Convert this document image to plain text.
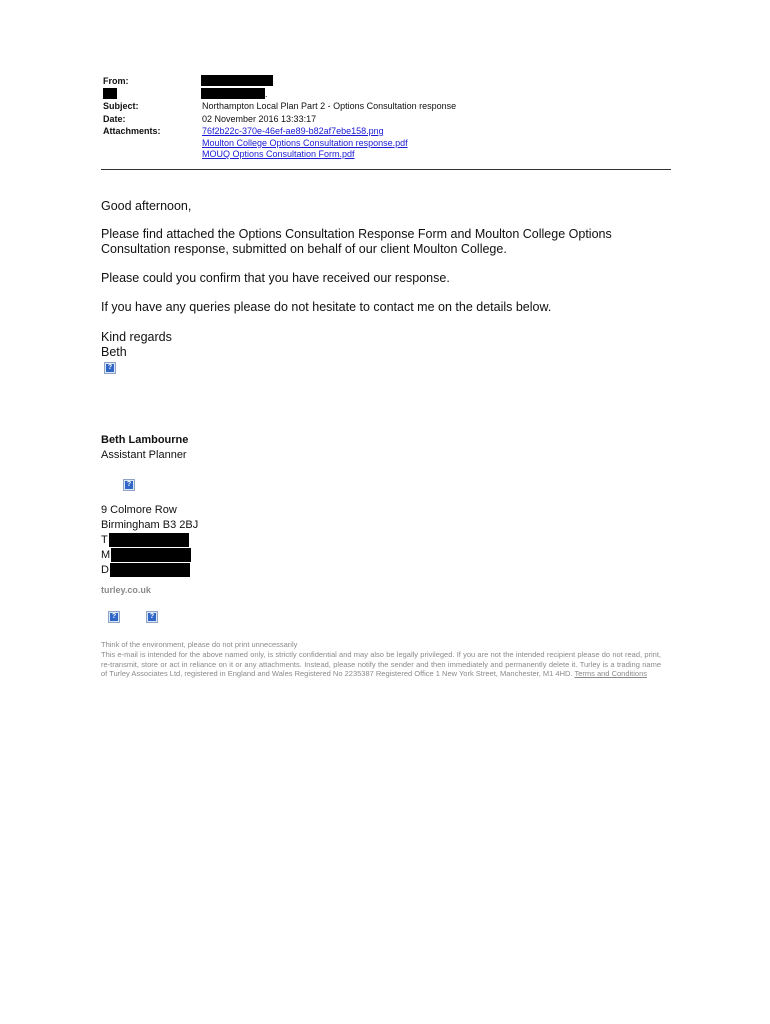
From:
.
Subject:	Northampton Local Plan Part 2 - Options Consultation response
Date:	02 November 2016 13:33:17
Attachments:	76f2b22c-370e-46ef-ae89-b82af7ebe158.png
Moulton College Options Consultation response.pdf
MOUQ Options Consultation Form.pdf
Good afternoon,
Please find attached the Options Consultation Response Form and Moulton College Options Consultation response, submitted on behalf of our client Moulton College.
Please could you confirm that you have received our response.
If you have any queries please do not hesitate to contact me on the details below.
Kind regards
Beth
?
Beth Lambourne
Assistant Planner
?
9 Colmore Row
Birmingham B3 2BJ
T
M
D
turley.co.uk
?	?
Think of the environment, please do not print unnecessarily
This e-mail is intended for the above named only, is strictly confidential and may also be legally privileged. If you are not the intended recipient please do not read, print, re-transmit, store or act in reliance on it or any attachments. Instead, please notify the sender and then immediately and permanently delete it. Turley is a trading name of Turley Associates Ltd, registered in England and Wales Registered No 2235387 Registered Office 1 New York Street, Manchester, M1 4HD. Terms and Conditions
